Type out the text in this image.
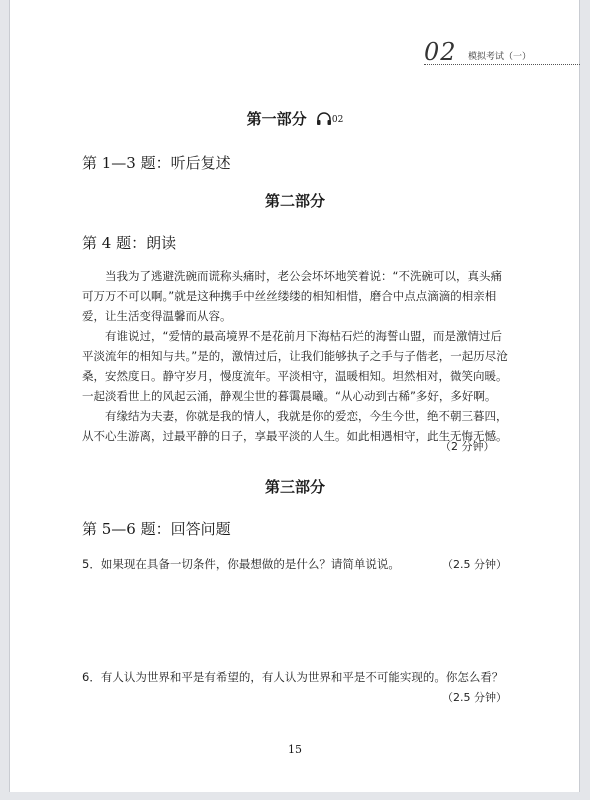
02 模拟考试（一）
第一部分	02
第 1—3 题：听后复述
第二部分
第 4 题：朗读

当我为了逃避洗碗而谎称头痛时，老公会坏坏地笑着说：“不洗碗可以，真头痛可万万不可以啊。”就是这种携手中丝丝缕缕的相知相惜，磨合中点点滴滴的相亲相爱，让生活变得温馨而从容。

有谁说过，“爱情的最高境界不是花前月下海枯石烂的海誓山盟，而是激情过后平淡流年的相知与共。”是的，激情过后，让我们能够执子之手与子偕老，一起历尽沧桑，安然度日。静守岁月，慢度流年。平淡相守，温暖相知。坦然相对，微笑向暖。一起淡看世上的风起云涌，静观尘世的暮霭晨曦。“从心动到古稀”多好，多好啊。

有缘结为夫妻，你就是我的情人，我就是你的爱恋，今生今世，绝不朝三暮四，从不心生游离，过最平静的日子，享最平淡的人生。如此相遇相守，此生无悔无憾。

（2 分钟）
第三部分
第 5—6 题：回答问题
5．如果现在具备一切条件，你最想做的是什么？请简单说说。	（2.5 分钟）
6．有人认为世界和平是有希望的，有人认为世界和平是不可能实现的。你怎么看？
（2.5 分钟）
15
